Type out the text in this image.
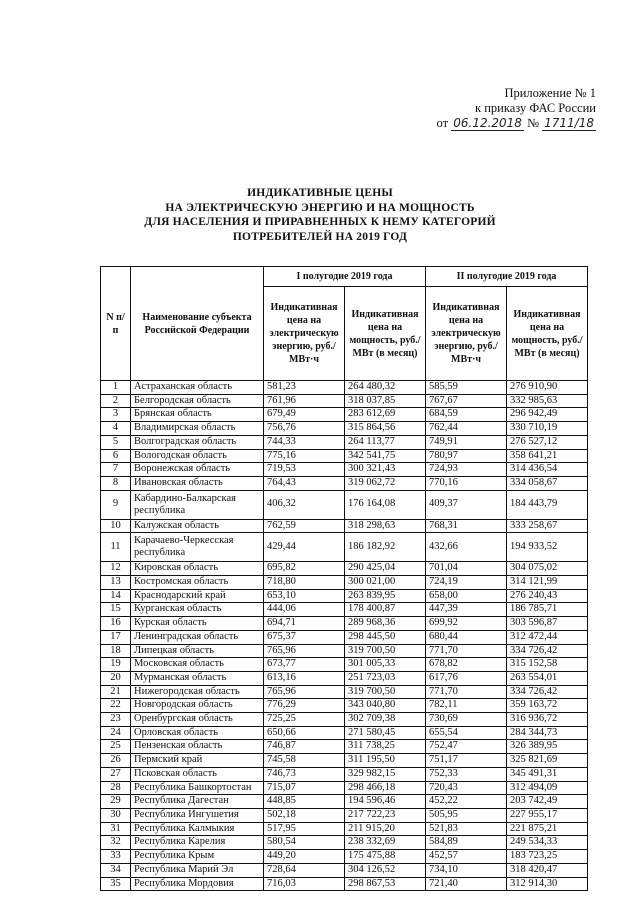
Приложение № 1
к приказу ФАС России
от 06.12.2018 № 1711/18
ИНДИКАТИВНЫЕ ЦЕНЫ
НА ЭЛЕКТРИЧЕСКУЮ ЭНЕРГИЮ И НА МОЩНОСТЬ
ДЛЯ НАСЕЛЕНИЯ И ПРИРАВНЕННЫХ К НЕМУ КАТЕГОРИЙ
ПОТРЕБИТЕЛЕЙ НА 2019 ГОД
N п/п	Наименование субъекта Российской Федерации	I полугодие 2019 года		II полугодие 2019 года	
		Индикативная цена на электрическую энергию, руб./МВт·ч	Индикативная цена на мощность, руб./МВт (в месяц)	Индикативная цена на электрическую энергию, руб./МВт·ч	Индикативная цена на мощность, руб./МВт (в месяц)
1	Астраханская область	581,23	264 480,32	585,59	276 910,90
2	Белгородская область	761,96	318 037,85	767,67	332 985,63
3	Брянская область	679,49	283 612,69	684,59	296 942,49
4	Владимирская область	756,76	315 864,56	762,44	330 710,19
5	Волгоградская область	744,33	264 113,77	749,91	276 527,12
6	Вологодская область	775,16	342 541,75	780,97	358 641,21
7	Воронежская область	719,53	300 321,43	724,93	314 436,54
8	Ивановская область	764,43	319 062,72	770,16	334 058,67
9	Кабардино-Балкарская республика	406,32	176 164,08	409,37	184 443,79
10	Калужская область	762,59	318 298,63	768,31	333 258,67
11	Карачаево-Черкесская республика	429,44	186 182,92	432,66	194 933,52
12	Кировская область	695,82	290 425,04	701,04	304 075,02
13	Костромская область	718,80	300 021,00	724,19	314 121,99
14	Краснодарский край	653,10	263 839,95	658,00	276 240,43
15	Курганская область	444,06	178 400,87	447,39	186 785,71
16	Курская область	694,71	289 968,36	699,92	303 596,87
17	Ленинградская область	675,37	298 445,50	680,44	312 472,44
18	Липецкая область	765,96	319 700,50	771,70	334 726,42
19	Московская область	673,77	301 005,33	678,82	315 152,58
20	Мурманская область	613,16	251 723,03	617,76	263 554,01
21	Нижегородская область	765,96	319 700,50	771,70	334 726,42
22	Новгородская область	776,29	343 040,80	782,11	359 163,72
23	Оренбургская область	725,25	302 709,38	730,69	316 936,72
24	Орловская область	650,66	271 580,45	655,54	284 344,73
25	Пензенская область	746,87	311 738,25	752,47	326 389,95
26	Пермский край	745,58	311 195,50	751,17	325 821,69
27	Псковская область	746,73	329 982,15	752,33	345 491,31
28	Республика Башкортостан	715,07	298 466,18	720,43	312 494,09
29	Республика Дагестан	448,85	194 596,46	452,22	203 742,49
30	Республика Ингушетия	502,18	217 722,23	505,95	227 955,17
31	Республика Калмыкия	517,95	211 915,20	521,83	221 875,21
32	Республика Карелия	580,54	238 332,69	584,89	249 534,33
33	Республика Крым	449,20	175 475,88	452,57	183 723,25
34	Республика Марий Эл	728,64	304 126,52	734,10	318 420,47
35	Республика Мордовия	716,03	298 867,53	721,40	312 914,30
